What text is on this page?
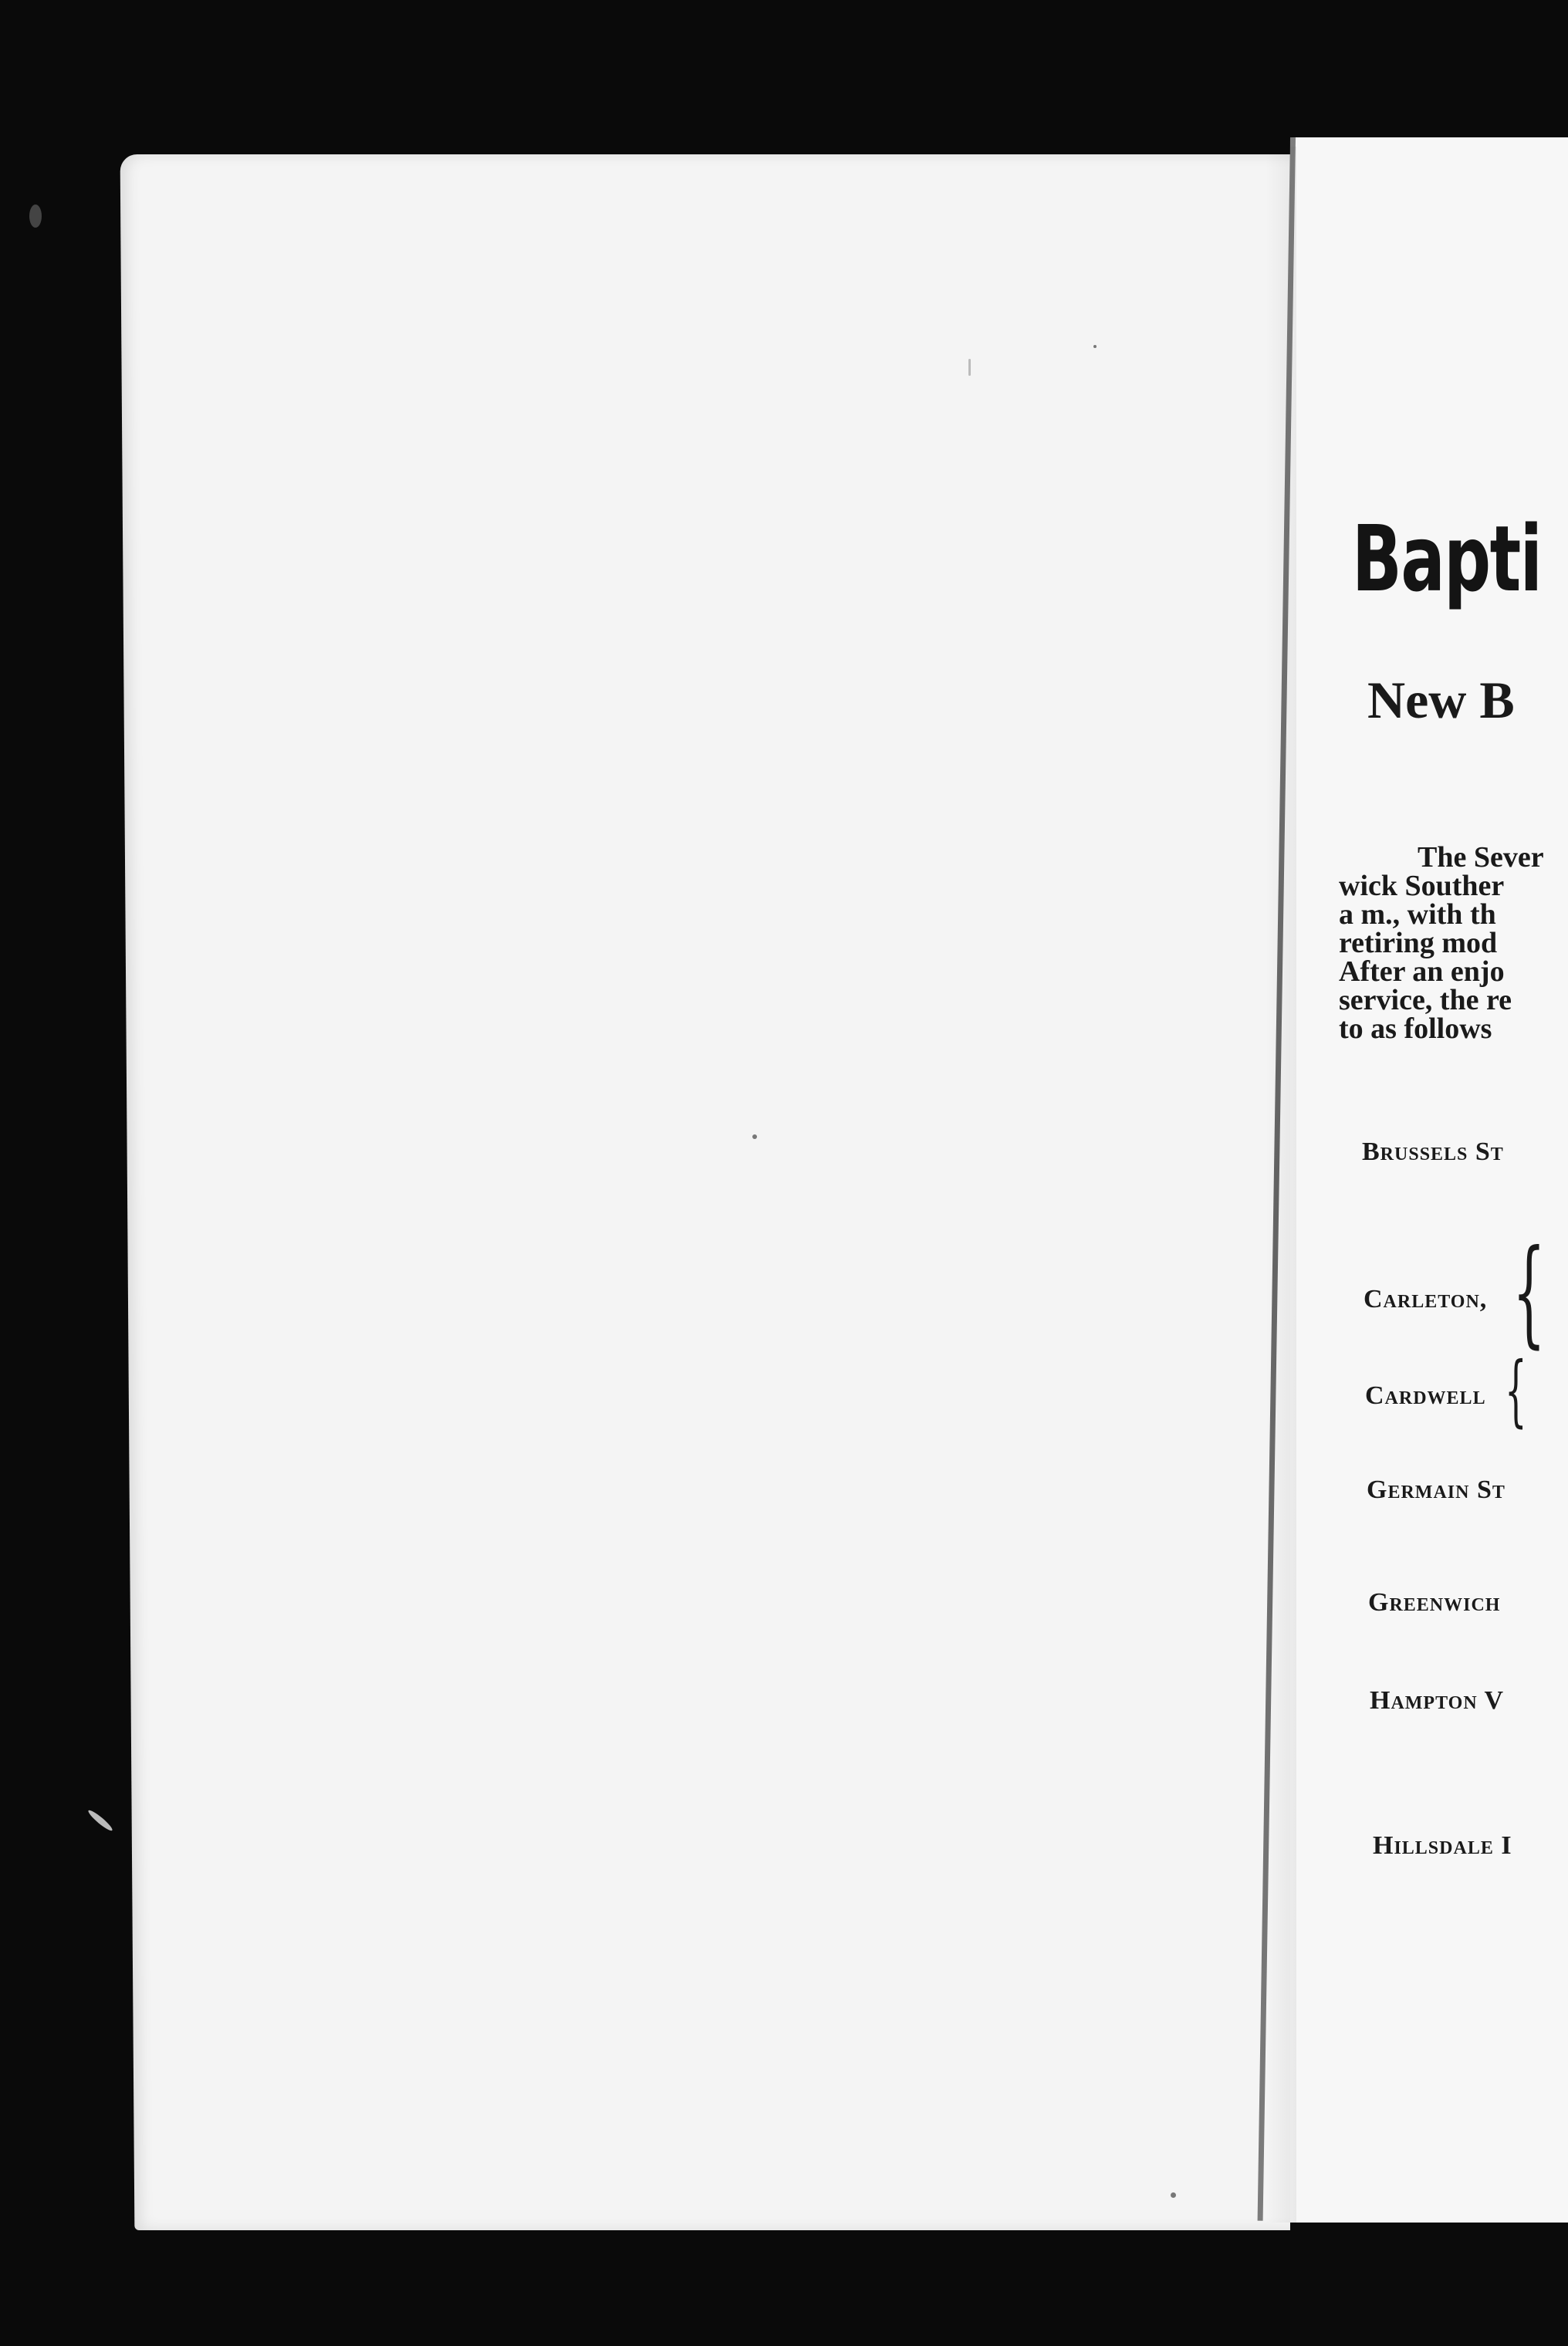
Bapti
New B
The Sever
wick Souther
a m., with th
retiring mod
After an enjo
service, the re
to as follows
Brussels St
Carleton, {
Cardwell {
Germain St
Greenwich
Hampton V
Hillsdale I
